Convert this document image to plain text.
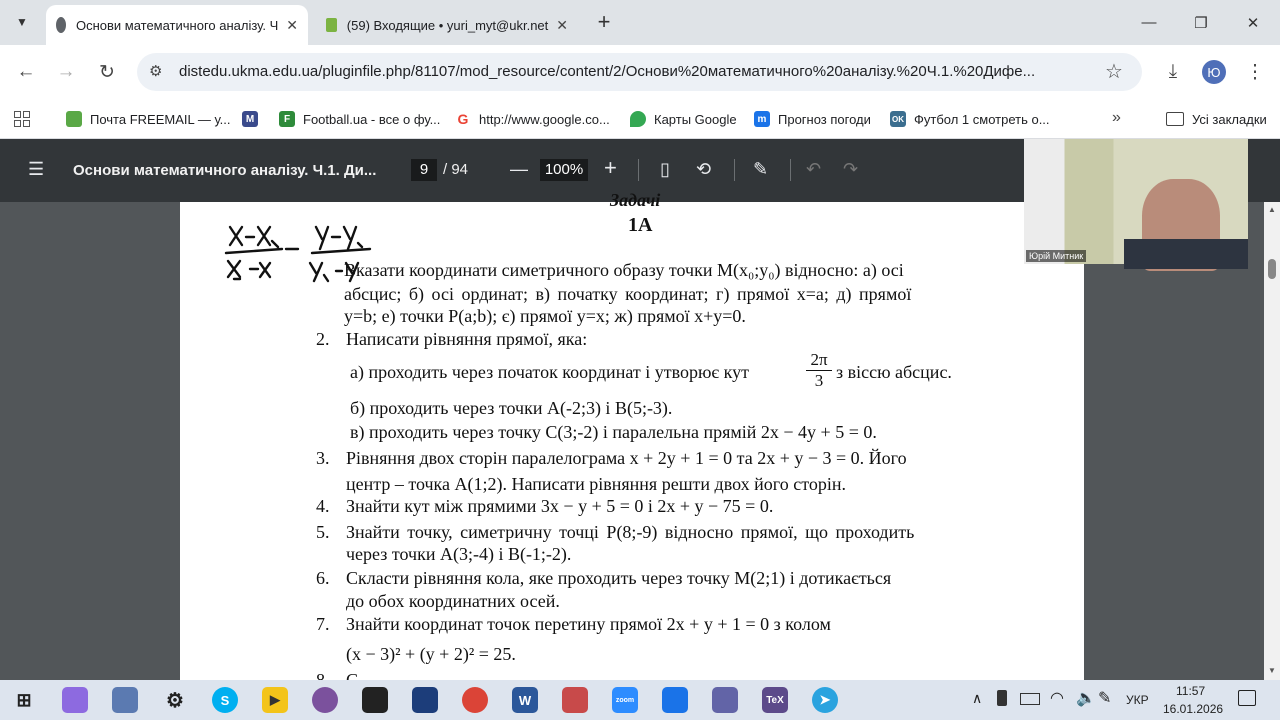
▼	Основи математичного аналізу. Ч ✕	(59) Входящие • yuri_myt@ukr.net ✕ +	—	❐	✕
← → ↻ ⚙ distedu.ukma.edu.ua/pluginfile.php/81107/mod_resource/content/2/Основи%20математичного%20аналізу.%20Ч.1.%20Дифе...	☆ ⤓ Ю ⋮
Почта FREEMAIL — у...	M	F Football.ua - все о фу... G http://www.google.co...	Карты Google	m Прогноз погоди	OK Футбол 1 смотреть о...	»	Усі закладки
☰ Основи математичного аналізу. Ч.1. Ди...	9 / 94 —	100% + ▯ ⟲ ✎ ↶ ↷
Задачі
1А
Вказати координати симетричного образу точки M(x₀;y₀) відносно: а) осі
абсцис; б) осі ординат; в) початку координат; г) прямої x=a; д) прямої
y=b; е) точки P(a;b); є) прямої y=x; ж) прямої x+y=0.
2. Написати рівняння прямої, яка:
а) проходить через початок координат і утворює кут	$\frac{2\pi}{3}$ з віссю абсцис.
б) проходить через точки A(-2;3) і B(5;-3).
в) проходить через точку C(3;-2) і паралельна прямій 2x − 4y + 5 = 0.
3. Рівняння двох сторін паралелограма x + 2y + 1 = 0 та 2x + y − 3 = 0. Його
центр – точка A(1;2). Написати рівняння решти двох його сторін.
4. Знайти кут між прямими 3x − y + 5 = 0 і 2x + y − 75 = 0.
5. Знайти точку, симетричну точці P(8;-9) відносно прямої, що проходить
через точки A(3;-4) і B(-1;-2).
6. Скласти рівняння кола, яке проходить через точку M(2;1) і дотикається
до обох координатних осей.
7. Знайти координат точок перетину прямої 2x + y + 1 = 0 з колом
(x − 3)² + (y + 2)² = 25.
▲
▼
Юрій Митник
⊞	⚙	S	▶	W	zoom	TeX	➤	∧	◠ 🔈 ✎ УКР
11:57
16.01.2026
